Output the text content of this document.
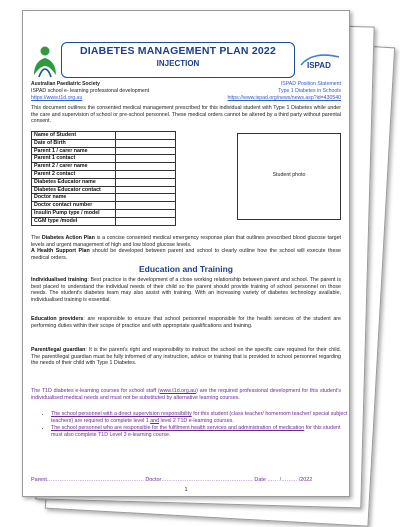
DIABETES MANAGEMENT PLAN 2022
INJECTION	ISPAD
Australian Paediatric Society	ISPAD Position Statement
ISPAD school e- learning professional development	Type 1 Diabetes in Schools
https://www.t1d.org.au	https://www.ispad.org/news/news.asp?id=430540

This document outlines the consented medical management prescribed for this individual student with Type 1 Diabetes while under the care and supervision of school or pre-school personnel. These medical orders cannot be altered by a third party without parental consent.

Name of Student	
Date of Birth	
Parent 1 / carer name	
Parent 1 contact	
Parent 2 / carer name	
Parent 2 contact	
Diabetes Educator name	
Diabetes Educator contact	
Doctor name	
Doctor contact number	
Insulin Pump type / model	
CGM type /model	
Student photo

The Diabetes Action Plan is a concise consented medical emergency response plan that outlines prescribed blood glucose target levels and urgent management of high and low blood glucose levels.
A Health Support Plan should be developed between parent and school to clearly outline how the school will execute these medical orders.

Education and Training

Individualised training: Best practice is the development of a close working relationship between parent and school. The parent is best placed to understand the individual needs of their child so the parent should provide training of school personnel on those needs. The student's diabetes team may also assist with training. With an increasing variety of diabetes technology available, individualised training is essential.

Education providers: are responsible to ensure that school personnel responsible for the health services of the student are performing duties within their scope of practice and with appropriate qualifications and training.

Parent/legal guardian: It is the parent's right and responsibility to instruct the school on the specific care required for their child. The parent/legal guardian must be fully informed of any instruction, advice or training that is provided to school personnel regarding the needs of their child with Type 1 Diabetes.

The T1D diabetes e-learning courses for school staff (www.t1d.org.au) are the required professional development for this student's individualised medical needs and must not be substituted by alternative learning courses.

• The school personnel with a direct supervision responsibility for this student (class teacher/ homeroom teacher/ special subject teachers) are required to complete level 1 and level 2 T1D e-learning courses.
• The school personnel who are responsible for the fulfilment health services and administration of medication for this student must also complete T1D Level 3 e-learning course.
Parent……………………………………………… Doctor…………………………………………… Date …… /……… /2022
1
